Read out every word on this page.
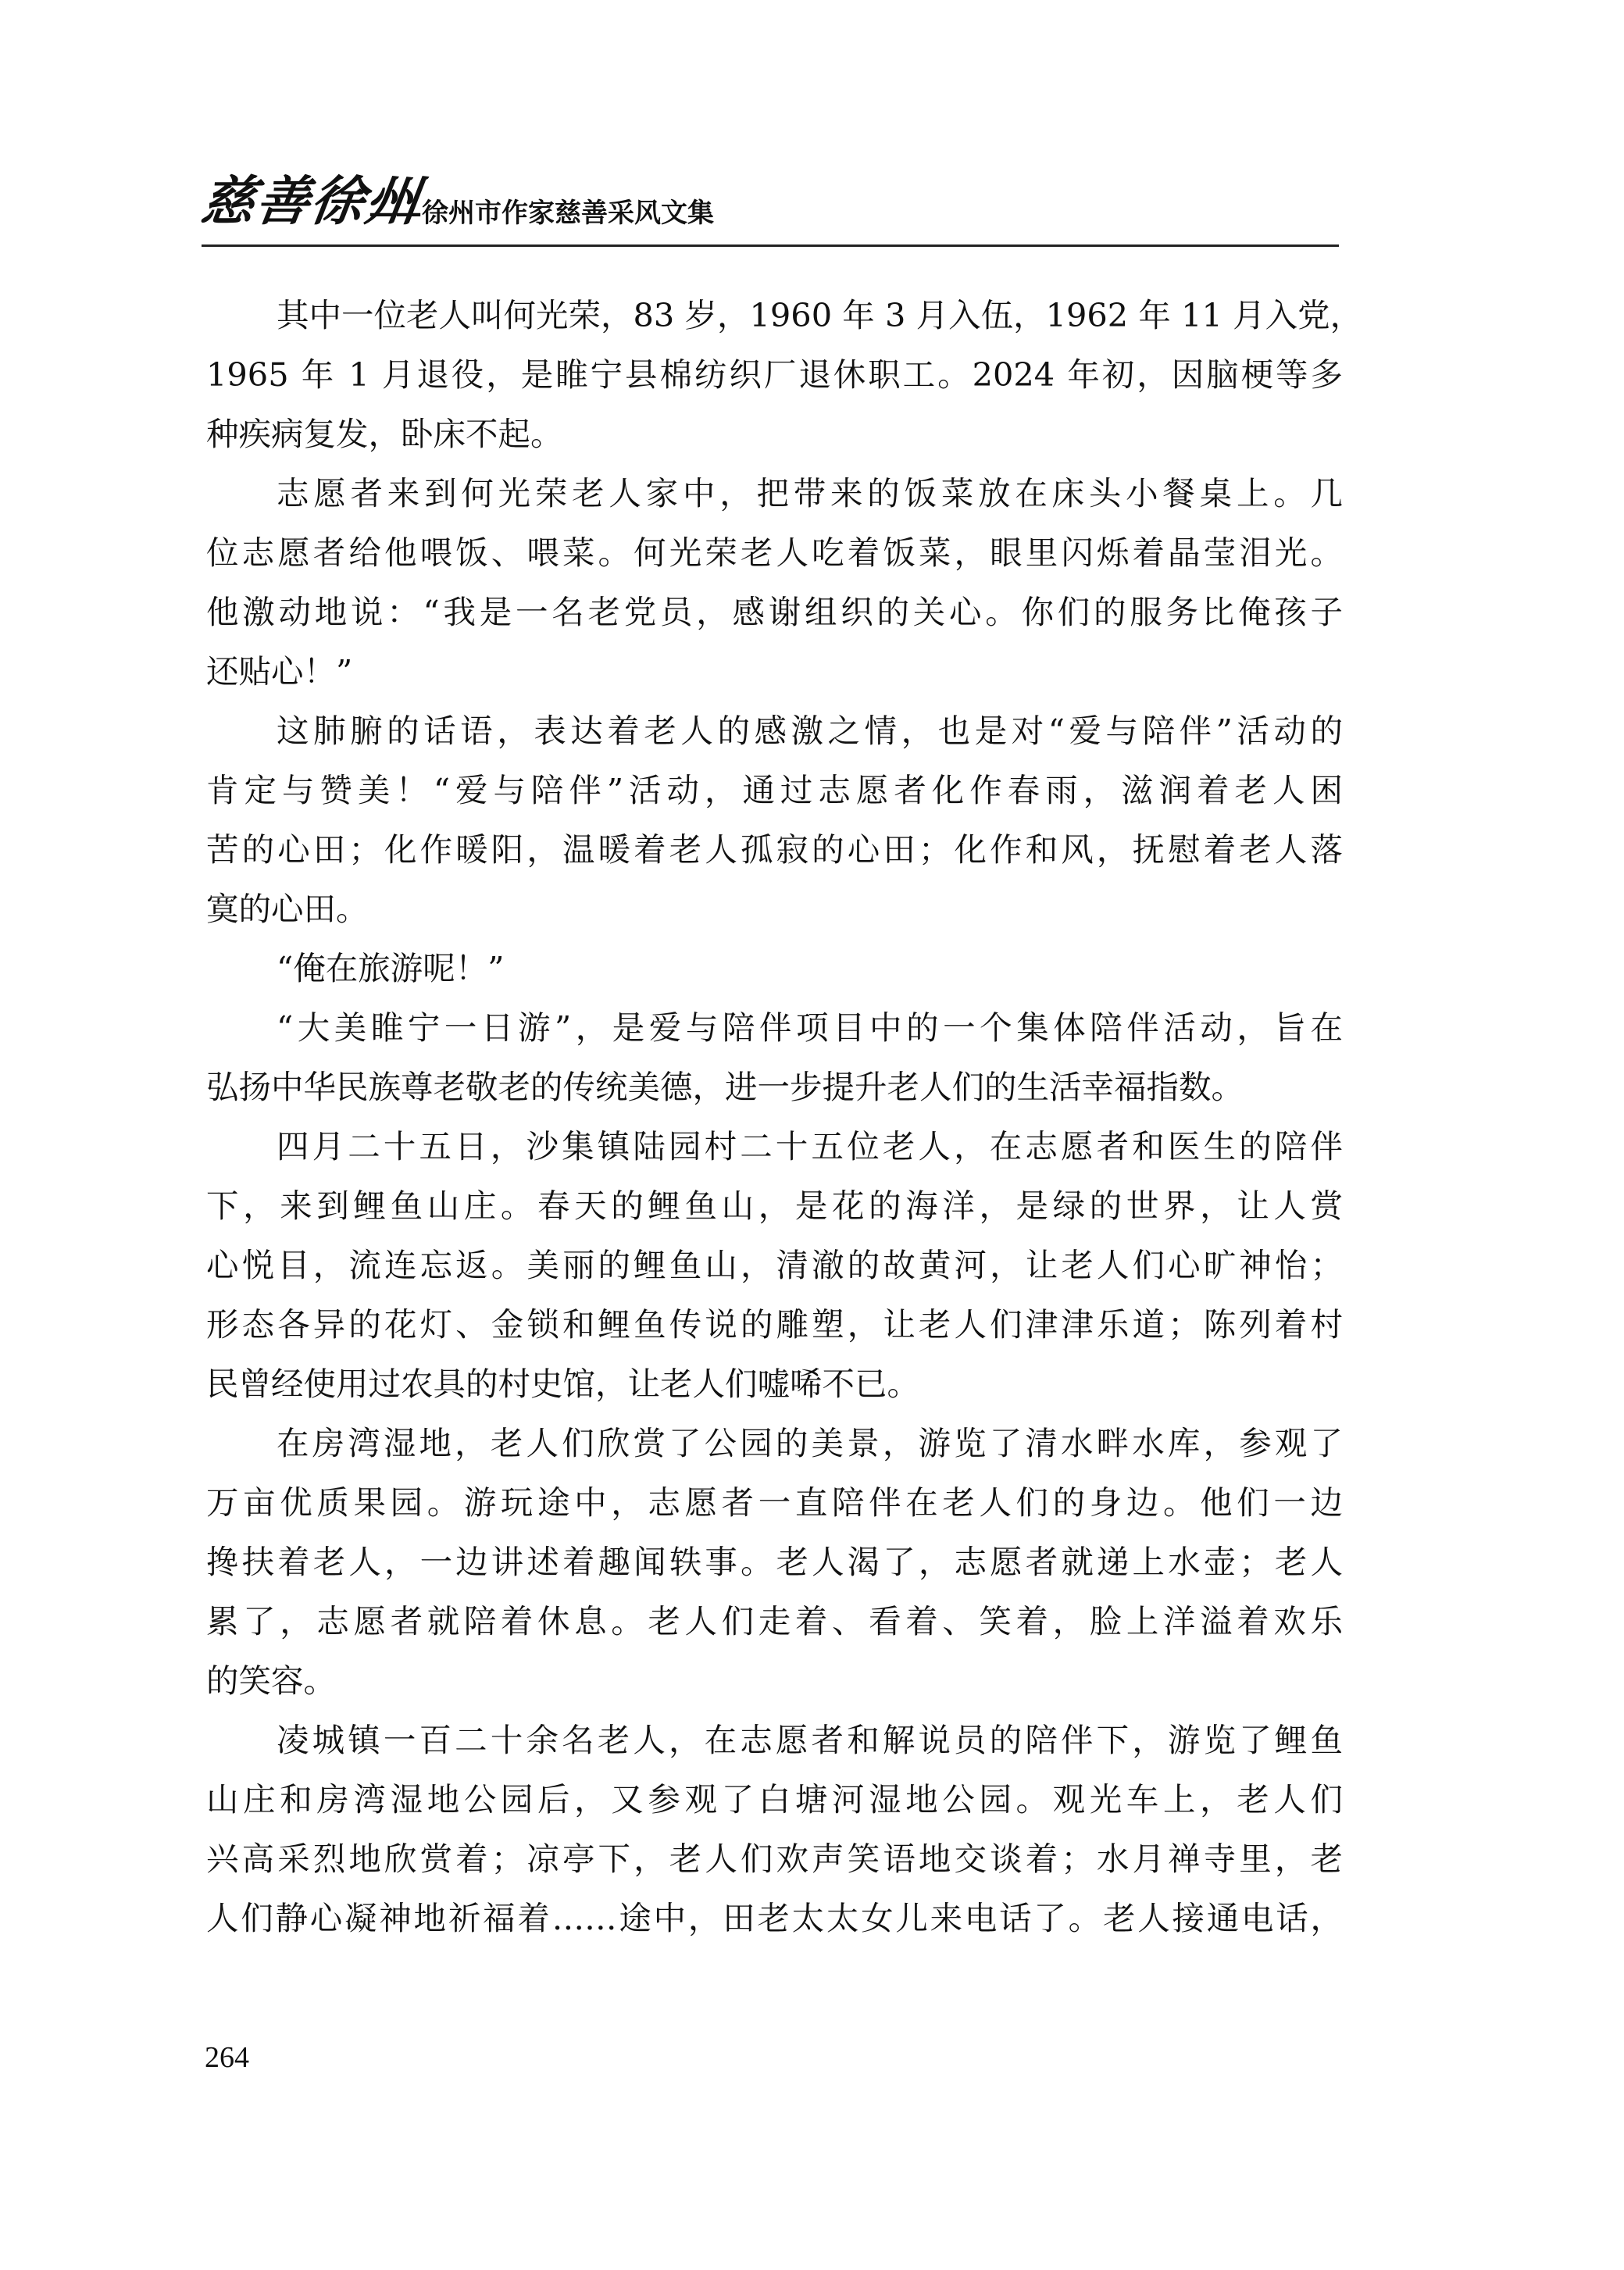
慈善徐州
——徐州市作家慈善采风文集
其中一位老人叫何光荣，83 岁，1960 年 3 月入伍，1962 年 11 月入党，
1965 年 1 月退役，是睢宁县棉纺织厂退休职工。2024 年初，因脑梗等多
种疾病复发，卧床不起。
志愿者来到何光荣老人家中，把带来的饭菜放在床头小餐桌上。几
位志愿者给他喂饭、喂菜。何光荣老人吃着饭菜，眼里闪烁着晶莹泪光。
他激动地说：“我是一名老党员，感谢组织的关心。你们的服务比俺孩子
还贴心！”
这肺腑的话语，表达着老人的感激之情，也是对“爱与陪伴”活动的
肯定与赞美！“爱与陪伴”活动，通过志愿者化作春雨，滋润着老人困
苦的心田；化作暖阳，温暖着老人孤寂的心田；化作和风，抚慰着老人落
寞的心田。
“俺在旅游呢！”
“大美睢宁一日游”，是爱与陪伴项目中的一个集体陪伴活动，旨在
弘扬中华民族尊老敬老的传统美德，进一步提升老人们的生活幸福指数。
四月二十五日，沙集镇陆园村二十五位老人，在志愿者和医生的陪伴
下，来到鲤鱼山庄。春天的鲤鱼山，是花的海洋，是绿的世界，让人赏
心悦目，流连忘返。美丽的鲤鱼山，清澈的故黄河，让老人们心旷神怡；
形态各异的花灯、金锁和鲤鱼传说的雕塑，让老人们津津乐道；陈列着村
民曾经使用过农具的村史馆，让老人们嘘唏不已。
在房湾湿地，老人们欣赏了公园的美景，游览了清水畔水库，参观了
万亩优质果园。游玩途中，志愿者一直陪伴在老人们的身边。他们一边
搀扶着老人，一边讲述着趣闻轶事。老人渴了，志愿者就递上水壶；老人
累了，志愿者就陪着休息。老人们走着、看着、笑着，脸上洋溢着欢乐
的笑容。
凌城镇一百二十余名老人，在志愿者和解说员的陪伴下，游览了鲤鱼
山庄和房湾湿地公园后，又参观了白塘河湿地公园。观光车上，老人们
兴高采烈地欣赏着；凉亭下，老人们欢声笑语地交谈着；水月禅寺里，老
人们静心凝神地祈福着……途中，田老太太女儿来电话了。老人接通电话，
264
